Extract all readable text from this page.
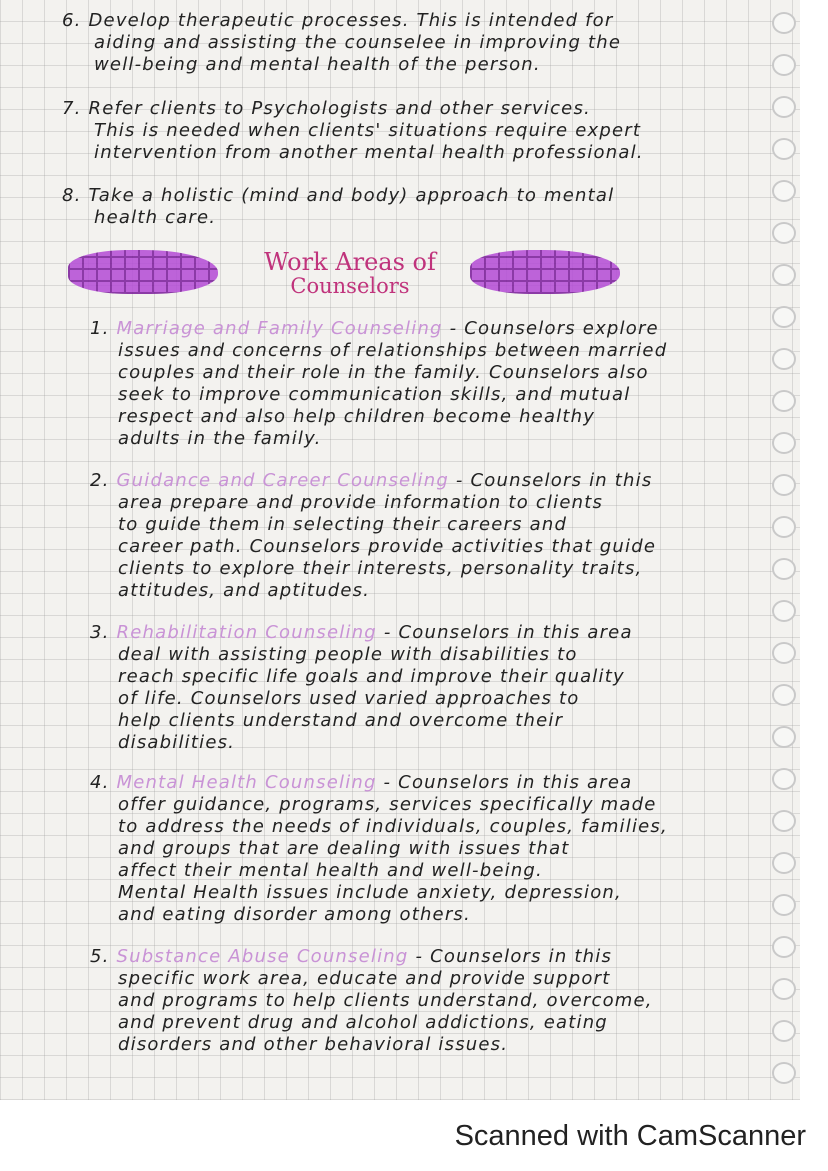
Work Areas of
Counselors
6. Develop therapeutic processes. This is intended for
aiding and assisting the counselee in improving the
well-being and mental health of the person.
7. Refer clients to Psychologists and other services.
This is needed when clients' situations require expert
intervention from another mental health professional.
8. Take a holistic (mind and body) approach to mental
health care.
1. Marriage and Family Counseling - Counselors explore
issues and concerns of relationships between married
couples and their role in the family. Counselors also
seek to improve communication skills, and mutual
respect and also help children become healthy
adults in the family.
2. Guidance and Career Counseling - Counselors in this
area prepare and provide information to clients
to guide them in selecting their careers and
career path. Counselors provide activities that guide
clients to explore their interests, personality traits,
attitudes, and aptitudes.
3. Rehabilitation Counseling - Counselors in this area
deal with assisting people with disabilities to
reach specific life goals and improve their quality
of life. Counselors used varied approaches to
help clients understand and overcome their
disabilities.
4. Mental Health Counseling - Counselors in this area
offer guidance, programs, services specifically made
to address the needs of individuals, couples, families,
and groups that are dealing with issues that
affect their mental health and well-being.
Mental Health issues include anxiety, depression,
and eating disorder among others.
5. Substance Abuse Counseling - Counselors in this
specific work area, educate and provide support
and programs to help clients understand, overcome,
and prevent drug and alcohol addictions, eating
disorders and other behavioral issues.
Scanned with CamScanner
